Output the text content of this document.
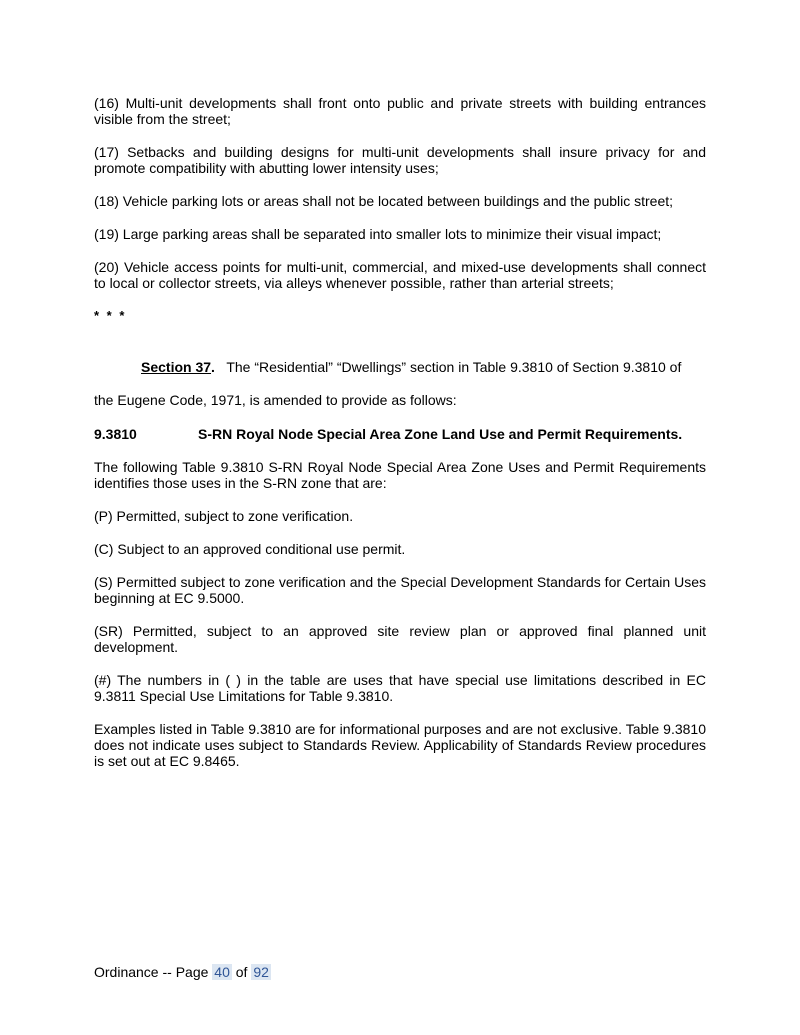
(16) Multi-unit developments shall front onto public and private streets with building entrances visible from the street;

(17) Setbacks and building designs for multi-unit developments shall insure privacy for and promote compatibility with abutting lower intensity uses;

(18) Vehicle parking lots or areas shall not be located between buildings and the public street;

(19) Large parking areas shall be separated into smaller lots to minimize their visual impact;

(20) Vehicle access points for multi-unit, commercial, and mixed-use developments shall connect to local or collector streets, via alleys whenever possible, rather than arterial streets;

* * *

Section 37. The “Residential” “Dwellings” section in Table 9.3810 of Section 9.3810 of
the Eugene Code, 1971, is amended to provide as follows:
9.3810	S-RN Royal Node Special Area Zone Land Use and Permit Requirements.

The following Table 9.3810 S-RN Royal Node Special Area Zone Uses and Permit Requirements identifies those uses in the S-RN zone that are:

(P) Permitted, subject to zone verification.

(C) Subject to an approved conditional use permit.

(S) Permitted subject to zone verification and the Special Development Standards for Certain Uses beginning at EC 9.5000.

(SR) Permitted, subject to an approved site review plan or approved final planned unit development.

(#) The numbers in ( ) in the table are uses that have special use limitations described in EC 9.3811 Special Use Limitations for Table 9.3810.

Examples listed in Table 9.3810 are for informational purposes and are not exclusive. Table 9.3810 does not indicate uses subject to Standards Review. Applicability of Standards Review procedures is set out at EC 9.8465.

Ordinance -- Page 40 of 92
